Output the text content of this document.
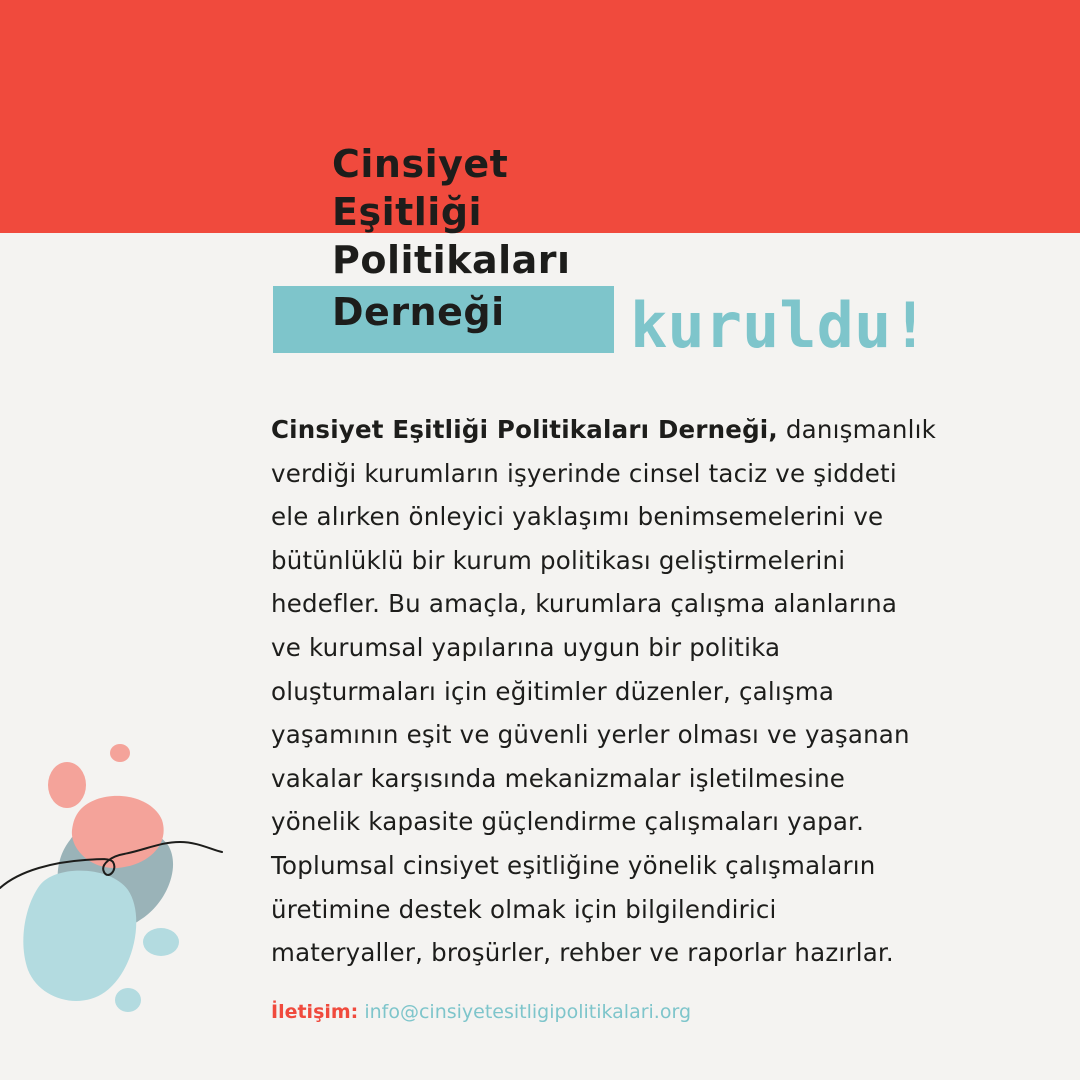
Cinsiyet
Eşitliği
Politikaları
Derneği kuruldu!
Cinsiyet Eşitliği Politikaları Derneği, danışmanlık
verdiği kurumların işyerinde cinsel taciz ve şiddeti
ele alırken önleyici yaklaşımı benimsemelerini ve
bütünlüklü bir kurum politikası geliştirmelerini
hedefler. Bu amaçla, kurumlara çalışma alanlarına
ve kurumsal yapılarına uygun bir politika
oluşturmaları için eğitimler düzenler, çalışma
yaşamının eşit ve güvenli yerler olması ve yaşanan
vakalar karşısında mekanizmalar işletilmesine
yönelik kapasite güçlendirme çalışmaları yapar.
Toplumsal cinsiyet eşitliğine yönelik çalışmaların
üretimine destek olmak için bilgilendirici
materyaller, broşürler, rehber ve raporlar hazırlar.
İletişim: info@cinsiyetesitligipolitikalari.org
